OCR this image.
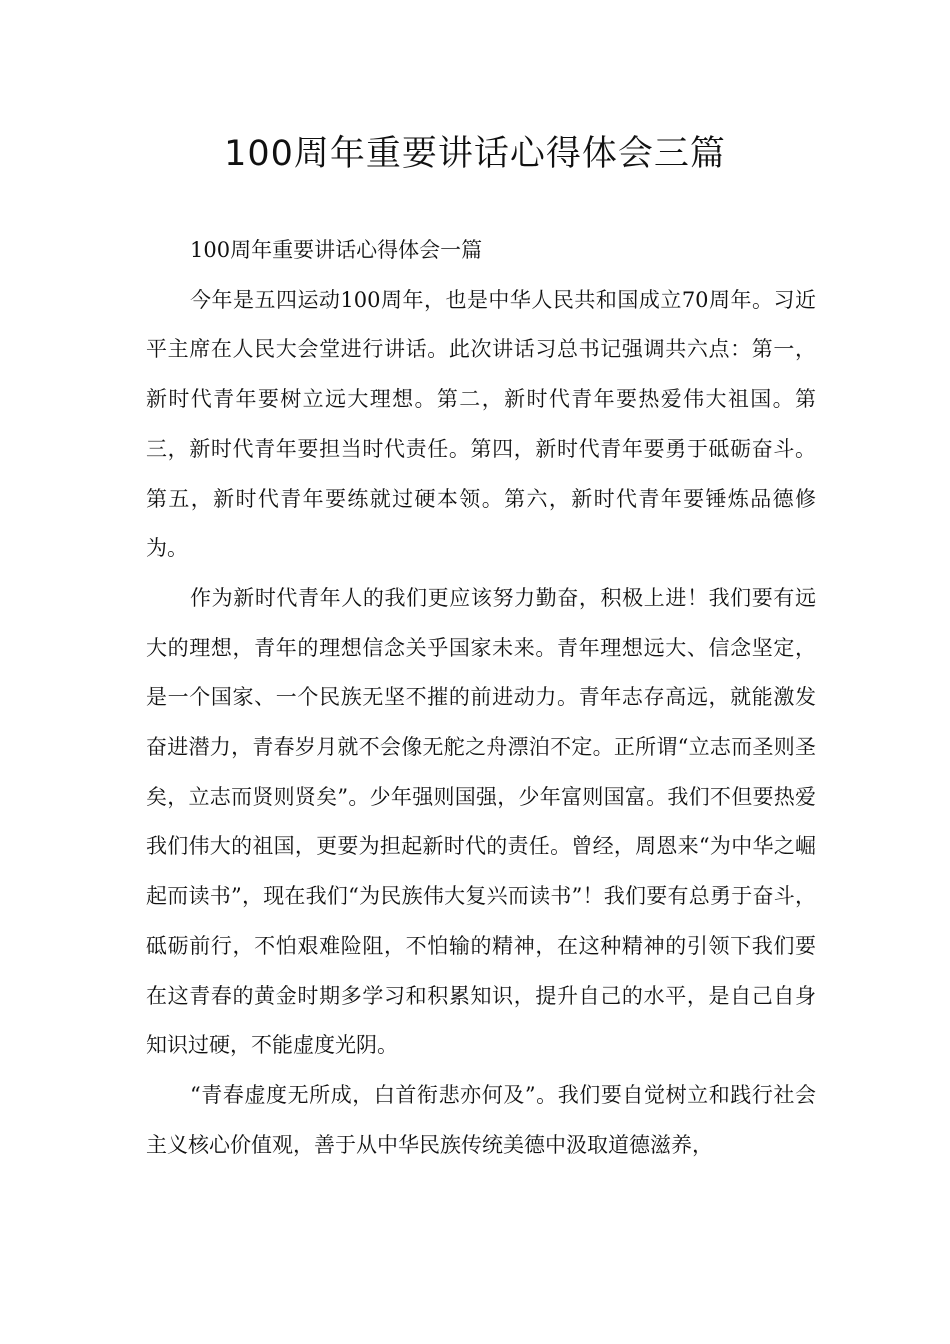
100周年重要讲话心得体会三篇

100周年重要讲话心得体会一篇

今年是五四运动100周年，也是中华人民共和国成立70周年。习近平主席在人民大会堂进行讲话。此次讲话习总书记强调共六点：第一，新时代青年要树立远大理想。第二，新时代青年要热爱伟大祖国。第三，新时代青年要担当时代责任。第四，新时代青年要勇于砥砺奋斗。第五，新时代青年要练就过硬本领。第六，新时代青年要锤炼品德修为。

作为新时代青年人的我们更应该努力勤奋，积极上进！我们要有远大的理想，青年的理想信念关乎国家未来。青年理想远大、信念坚定，是一个国家、一个民族无坚不摧的前进动力。青年志存高远，就能激发奋进潜力，青春岁月就不会像无舵之舟漂泊不定。正所谓“立志而圣则圣矣，立志而贤则贤矣”。少年强则国强，少年富则国富。我们不但要热爱我们伟大的祖国，更要为担起新时代的责任。曾经，周恩来“为中华之崛起而读书”，现在我们“为民族伟大复兴而读书”！我们要有总勇于奋斗，砥砺前行，不怕艰难险阻，不怕输的精神，在这种精神的引领下我们要在这青春的黄金时期多学习和积累知识，提升自己的水平，是自己自身知识过硬，不能虚度光阴。

“青春虚度无所成，白首衔悲亦何及”。我们要自觉树立和践行社会主义核心价值观，善于从中华民族传统美德中汲取道德滋养，
